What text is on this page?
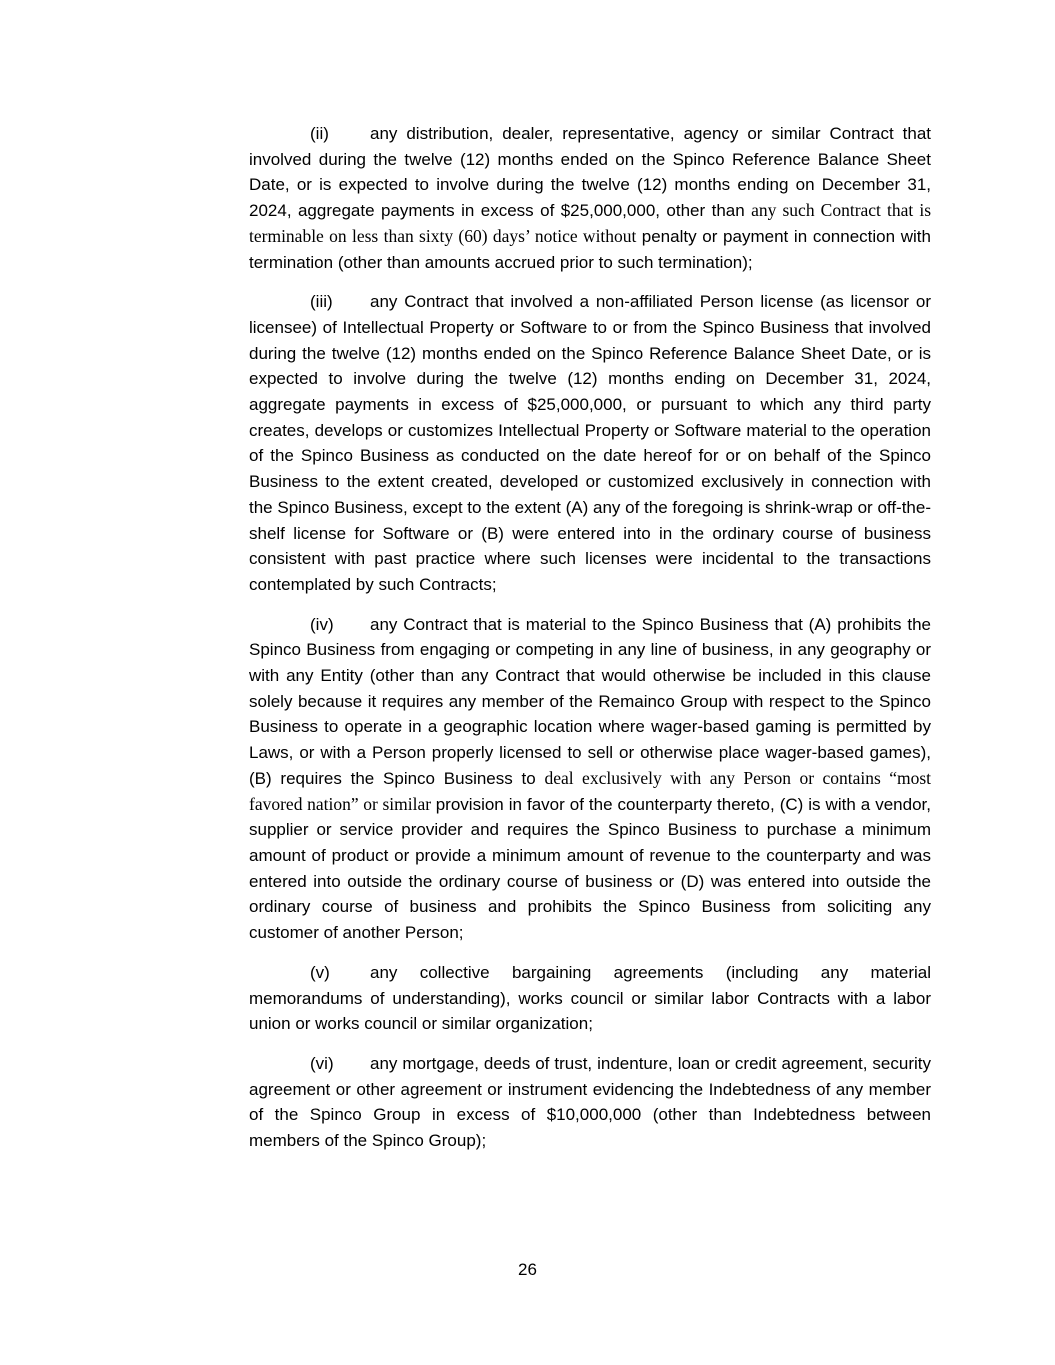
(ii) any distribution, dealer, representative, agency or similar Contract that involved during the twelve (12) months ended on the Spinco Reference Balance Sheet Date, or is expected to involve during the twelve (12) months ending on December 31, 2024, aggregate payments in excess of $25,000,000, other than any such Contract that is terminable on less than sixty (60) days’ notice without penalty or payment in connection with termination (other than amounts accrued prior to such termination);

(iii) any Contract that involved a non-affiliated Person license (as licensor or licensee) of Intellectual Property or Software to or from the Spinco Business that involved during the twelve (12) months ended on the Spinco Reference Balance Sheet Date, or is expected to involve during the twelve (12) months ending on December 31, 2024, aggregate payments in excess of $25,000,000, or pursuant to which any third party creates, develops or customizes Intellectual Property or Software material to the operation of the Spinco Business as conducted on the date hereof for or on behalf of the Spinco Business to the extent created, developed or customized exclusively in connection with the Spinco Business, except to the extent (A) any of the foregoing is shrink-wrap or off-the-shelf license for Software or (B) were entered into in the ordinary course of business consistent with past practice where such licenses were incidental to the transactions contemplated by such Contracts;

(iv) any Contract that is material to the Spinco Business that (A) prohibits the Spinco Business from engaging or competing in any line of business, in any geography or with any Entity (other than any Contract that would otherwise be included in this clause solely because it requires any member of the Remainco Group with respect to the Spinco Business to operate in a geographic location where wager-based gaming is permitted by Laws, or with a Person properly licensed to sell or otherwise place wager-based games), (B) requires the Spinco Business to deal exclusively with any Person or contains “most favored nation” or similar provision in favor of the counterparty thereto, (C) is with a vendor, supplier or service provider and requires the Spinco Business to purchase a minimum amount of product or provide a minimum amount of revenue to the counterparty and was entered into outside the ordinary course of business or (D) was entered into outside the ordinary course of business and prohibits the Spinco Business from soliciting any customer of another Person;

(v) any collective bargaining agreements (including any material memorandums of understanding), works council or similar labor Contracts with a labor union or works council or similar organization;

(vi) any mortgage, deeds of trust, indenture, loan or credit agreement, security agreement or other agreement or instrument evidencing the Indebtedness of any member of the Spinco Group in excess of $10,000,000 (other than Indebtedness between members of the Spinco Group);

26
